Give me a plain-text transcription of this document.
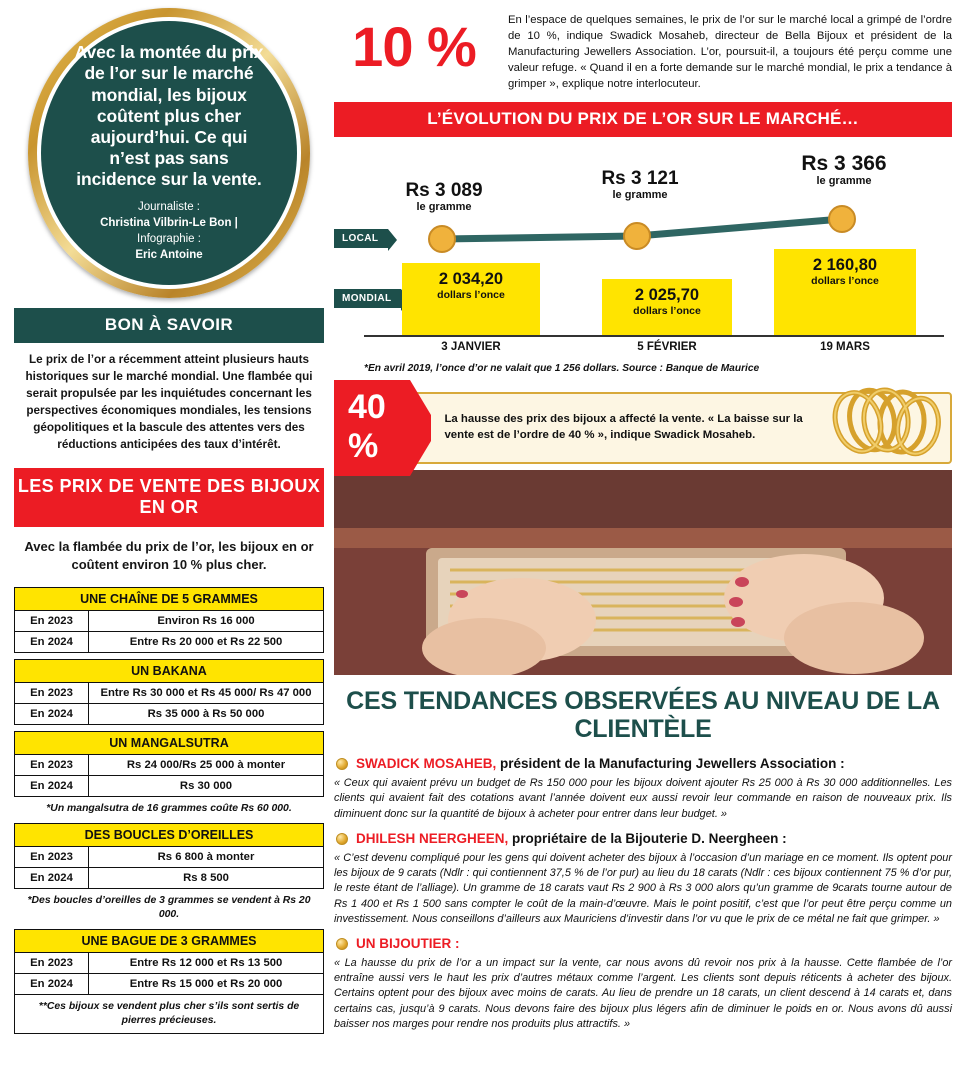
Avec la montée du prix de l’or sur le marché mondial, les bijoux coûtent plus cher aujourd’hui. Ce qui n’est pas sans incidence sur la vente.
Journaliste :
Christina Vilbrin-Le Bon |
Infographie :
Eric Antoine
BON À SAVOIR
Le prix de l’or a récemment atteint plusieurs hauts historiques sur le marché mondial. Une flambée qui serait propulsée par les inquiétudes concernant les perspectives économiques mondiales, les tensions géopolitiques et la bascule des attentes vers des réductions anticipées des taux d’intérêt.
LES PRIX DE VENTE DES BIJOUX EN OR
Avec la flambée du prix de l’or, les bijoux en or coûtent environ 10 % plus cher.
UNE CHAÎNE DE 5 GRAMMES	
En 2023	Environ Rs 16 000
En 2024	Entre Rs 20 000 et Rs 22 500
UN BAKANA	
En 2023	Entre Rs 30 000 et Rs 45 000/ Rs 47 000
En 2024	Rs 35 000 à Rs 50 000
UN MANGALSUTRA	
En 2023	Rs 24 000/Rs 25 000 à monter
En 2024	Rs 30 000
*Un mangalsutra de 16 grammes coûte Rs 60 000.
DES BOUCLES D’OREILLES	
En 2023	Rs 6 800 à monter
En 2024	Rs 8 500
*Des boucles d’oreilles de 3 grammes se vendent à Rs 20 000.
UNE BAGUE DE 3 GRAMMES	
En 2023	Entre Rs 12 000 et Rs 13 500
En 2024	Entre Rs 15 000 et Rs 20 000
**Ces bijoux se vendent plus cher s’ils sont sertis de pierres précieuses.
10 %	En l’espace de quelques semaines, le prix de l’or sur le marché local a grimpé de l’ordre de 10 %, indique Swadick Mosaheb, directeur de Bella Bijoux et président de la Manufacturing Jewellers Association. L’or, poursuit-il, a toujours été perçu comme une valeur refuge. « Quand il en a forte demande sur le marché mondial, le prix a tendance à grimper », explique notre interlocuteur.
L’ÉVOLUTION DU PRIX DE L’OR SUR LE MARCHÉ…
LOCAL
MONDIAL
Rs 3 089
le gramme
Rs 3 121
le gramme
Rs 3 366
le gramme
2 034,20
dollars l’once	2 025,70
dollars l’once
2 160,80
dollars l’once
3 JANVIER	5 FÉVRIER	19 MARS
*En avril 2019, l’once d’or ne valait que 1 256 dollars. Source : Banque de Maurice
40 %
La hausse des prix des bijoux a affecté la vente. « La baisse sur la vente est de l’ordre de 40 % », indique Swadick Mosaheb.
CES TENDANCES OBSERVÉES AU NIVEAU DE LA CLIENTÈLE
SWADICK MOSAHEB, président de la Manufacturing Jewellers Association :
« Ceux qui avaient prévu un budget de Rs 150 000 pour les bijoux doivent ajouter Rs 25 000 à Rs 30 000 additionnelles. Les clients qui avaient fait des cotations avant l’année doivent eux aussi revoir leur commande en raison de nouveaux prix. Ils diminuent donc sur la quantité de bijoux à acheter pour entrer dans leur budget. »
DHILESH NEERGHEEN, propriétaire de la Bijouterie D. Neergheen :
« C’est devenu compliqué pour les gens qui doivent acheter des bijoux à l’occasion d’un mariage en ce moment. Ils optent pour les bijoux de 9 carats (Ndlr : qui contiennent 37,5 % de l’or pur) au lieu du 18 carats (Ndlr : ces bijoux contiennent 75 % d’or pur, le reste étant de l’alliage). Un gramme de 18 carats vaut Rs 2 900 à Rs 3 000 alors qu’un gramme de 9carats tourne autour de Rs 1 400 et Rs 1 500 sans compter le coût de la main-d’œuvre. Mais le point positif, c’est que l’or peut être perçu comme un investissement. Nous conseillons d’ailleurs aux Mauriciens d’investir dans l’or vu que le prix de ce métal ne fait que grimper. »
UN BIJOUTIER :
« La hausse du prix de l’or a un impact sur la vente, car nous avons dû revoir nos prix à la hausse. Cette flambée de l’or entraîne aussi vers le haut les prix d’autres métaux comme l’argent. Les clients sont depuis réticents à acheter des bijoux. Certains optent pour des bijoux avec moins de carats. Au lieu de prendre un 18 carats, un client descend à 14 carats et, dans certains cas, jusqu’à 9 carats. Nous devons faire des bijoux plus légers afin de diminuer le poids en or. Nous avons dû aussi baisser nos marges pour rendre nos produits plus attractifs. »
